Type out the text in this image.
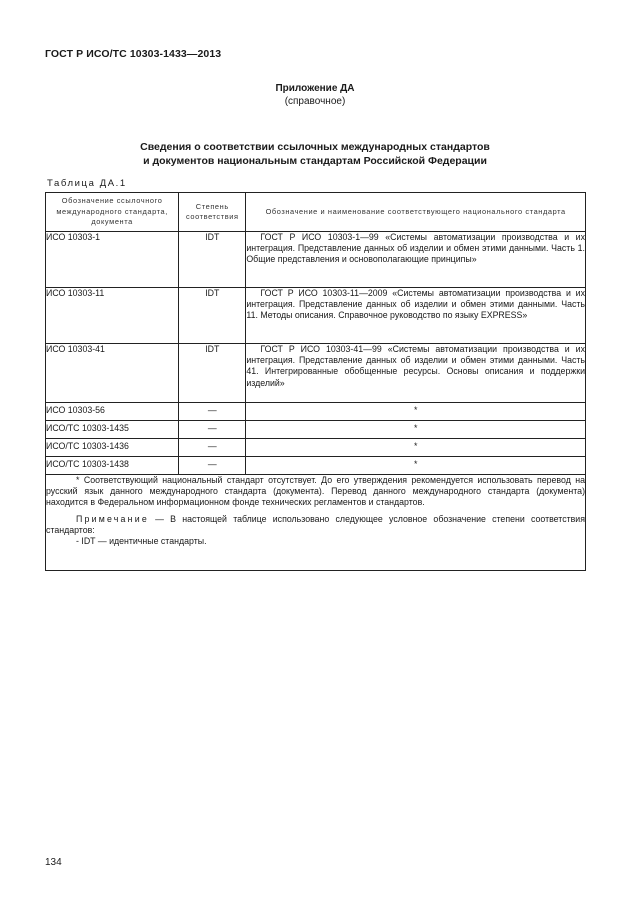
ГОСТ Р ИСО/ТС 10303-1433—2013
Приложение ДА
(справочное)
Сведения о соответствии ссылочных международных стандартов
и документов национальным стандартам Российской Федерации
Таблица ДА.1
Обозначение ссылочного международного стандарта, документа	Степень соответствия	Обозначение и наименование соответствующего национального стандарта
ИСО 10303-1	IDT	ГОСТ Р ИСО 10303-1—99 «Системы автоматизации производства и их интеграция. Представление данных об изделии и обмен этими данными. Часть 1. Общие представления и основополагающие принципы»
ИСО 10303-11	IDT	ГОСТ Р ИСО 10303-11—2009 «Системы автоматизации производства и их интеграция. Представление данных об изделии и обмен этими данными. Часть 11. Методы описания. Справочное руководство по языку EXPRESS»
ИСО 10303-41	IDT	ГОСТ Р ИСО 10303-41—99 «Системы автоматизации производства и их интеграция. Представление данных об изделии и обмен этими данными. Часть 41. Интегрированные обобщенные ресурсы. Основы описания и поддержки изделий»
ИСО 10303-56	—	*
ИСО/ТС 10303-1435	—	*
ИСО/ТС 10303-1436	—	*
ИСО/ТС 10303-1438	—	*

* Соответствующий национальный стандарт отсутствует. До его утверждения рекомендуется использовать перевод на русский язык данного международного стандарта (документа). Перевод данного международного стандарта (документа) находится в Федеральном информационном фонде технических регламентов и стандартов.

Примечание — В настоящей таблице использовано следующее условное обозначение степени соответствия стандартов:

- IDT — идентичные стандарты.		

134
